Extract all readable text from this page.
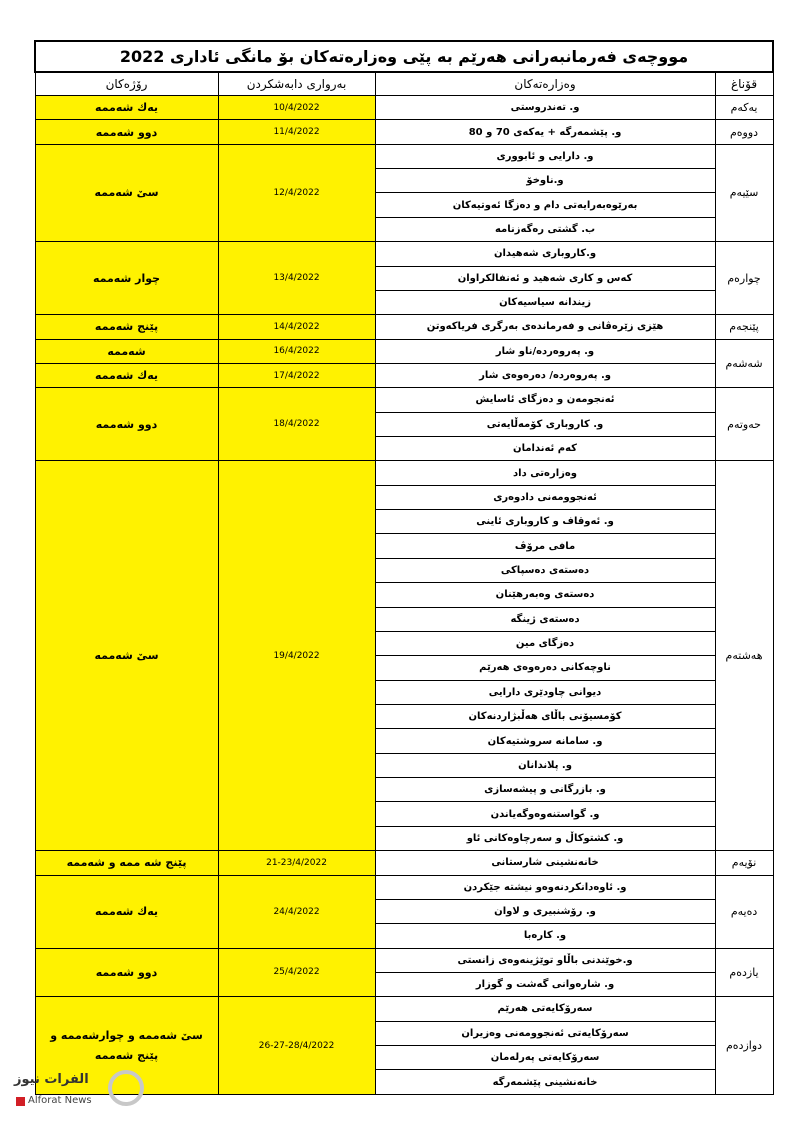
مووچەی فەرمانبەرانی هەرێم بە پێی وەزارەتەکان بۆ مانگی ئاداری 2022			
قۆناغ	وەزارەتەکان	بەرواری دابەشکردن	رۆژەکان
یەکەم	و. تەندروستی	10/4/2022	یەك شەممە
دووەم	و. پێشمەرگە + یەکەی 70 و 80	11/4/2022	دوو شەممە
سێیەم	و. دارایی و ئابووری	12/4/2022	سێ شەممە
	و.ناوخۆ		
	بەرێوەبەرایەتی دام و دەزگا ئەوتیەکان		
	ب. گشتی رەگەزنامە		
چوارەم	و.کاروباری شەهیدان	13/4/2022	چوار شەممە
	کەس و کاری شەهید و ئەنفالکراوان		
	زیندانە سیاسیەکان		
پێنجەم	هێزی زێرەڤانی و فەرماندەی بەرگری فریاکەوتن	14/4/2022	پێنج شەممە
شەشەم	و. پەروەردە/ناو شار	16/4/2022	شەممە
	و. پەروەردە/ دەرەوەی شار	17/4/2022	یەك شەممە
حەوتەم	ئەنجومەن و دەزگای ئاسایش	18/4/2022	دوو شەممە
	و. کاروباری کۆمەڵایەتی		
	کەم ئەندامان		
هەشتەم	وەزارەتی داد	19/4/2022	سێ شەممە
	ئەنجوومەنی دادوەری		
	و. ئەوقاف و کاروباری ئاینی		
	مافی مرۆڤ		
	دەستەی دەسپاکی		
	دەستەی وەبەرهێنان		
	دەستەی ژینگە		
	دەزگای مین		
	ناوچەکانی دەرەوەی هەرێم		
	دیوانی چاودێری دارایی		
	کۆمسیۆنی باڵای هەڵبژاردنەکان		
	و. سامانە سروشتیەکان		
	و. پلاندانان		
	و. بازرگانی و پیشەسازی		
	و. گواستنەوەوگەیاندن		
	و. کشتوکاڵ و سەرچاوەکانی ئاو		
نۆیەم	خانەنشینی شارستانی	21-23/4/2022	پێنج شە ممە و شەممە
دەیەم	و. ئاوەدانکردنەوەو نیشتە جێکردن	24/4/2022	یەك شەممە
	و. رۆشنبیری و لاوان		
	و. کارەبا		
یازدەم	و.خوێندنی باڵاو توێژینەوەی زانستی	25/4/2022	دوو شەممە
	و. شارەوانی گەشت و گوزار		
دوازدەم	سەرۆکایەتی هەرێم	26-27-28/4/2022	سێ شەممە و چوارشەممە و پێنج شەممە
	سەرۆکایەتی ئەنجوومەنی وەزیران		
	سەرۆکایەتی پەرلەمان		
	خانەنشینی پێشمەرگە		
الفرات نيوز
Alforat News
